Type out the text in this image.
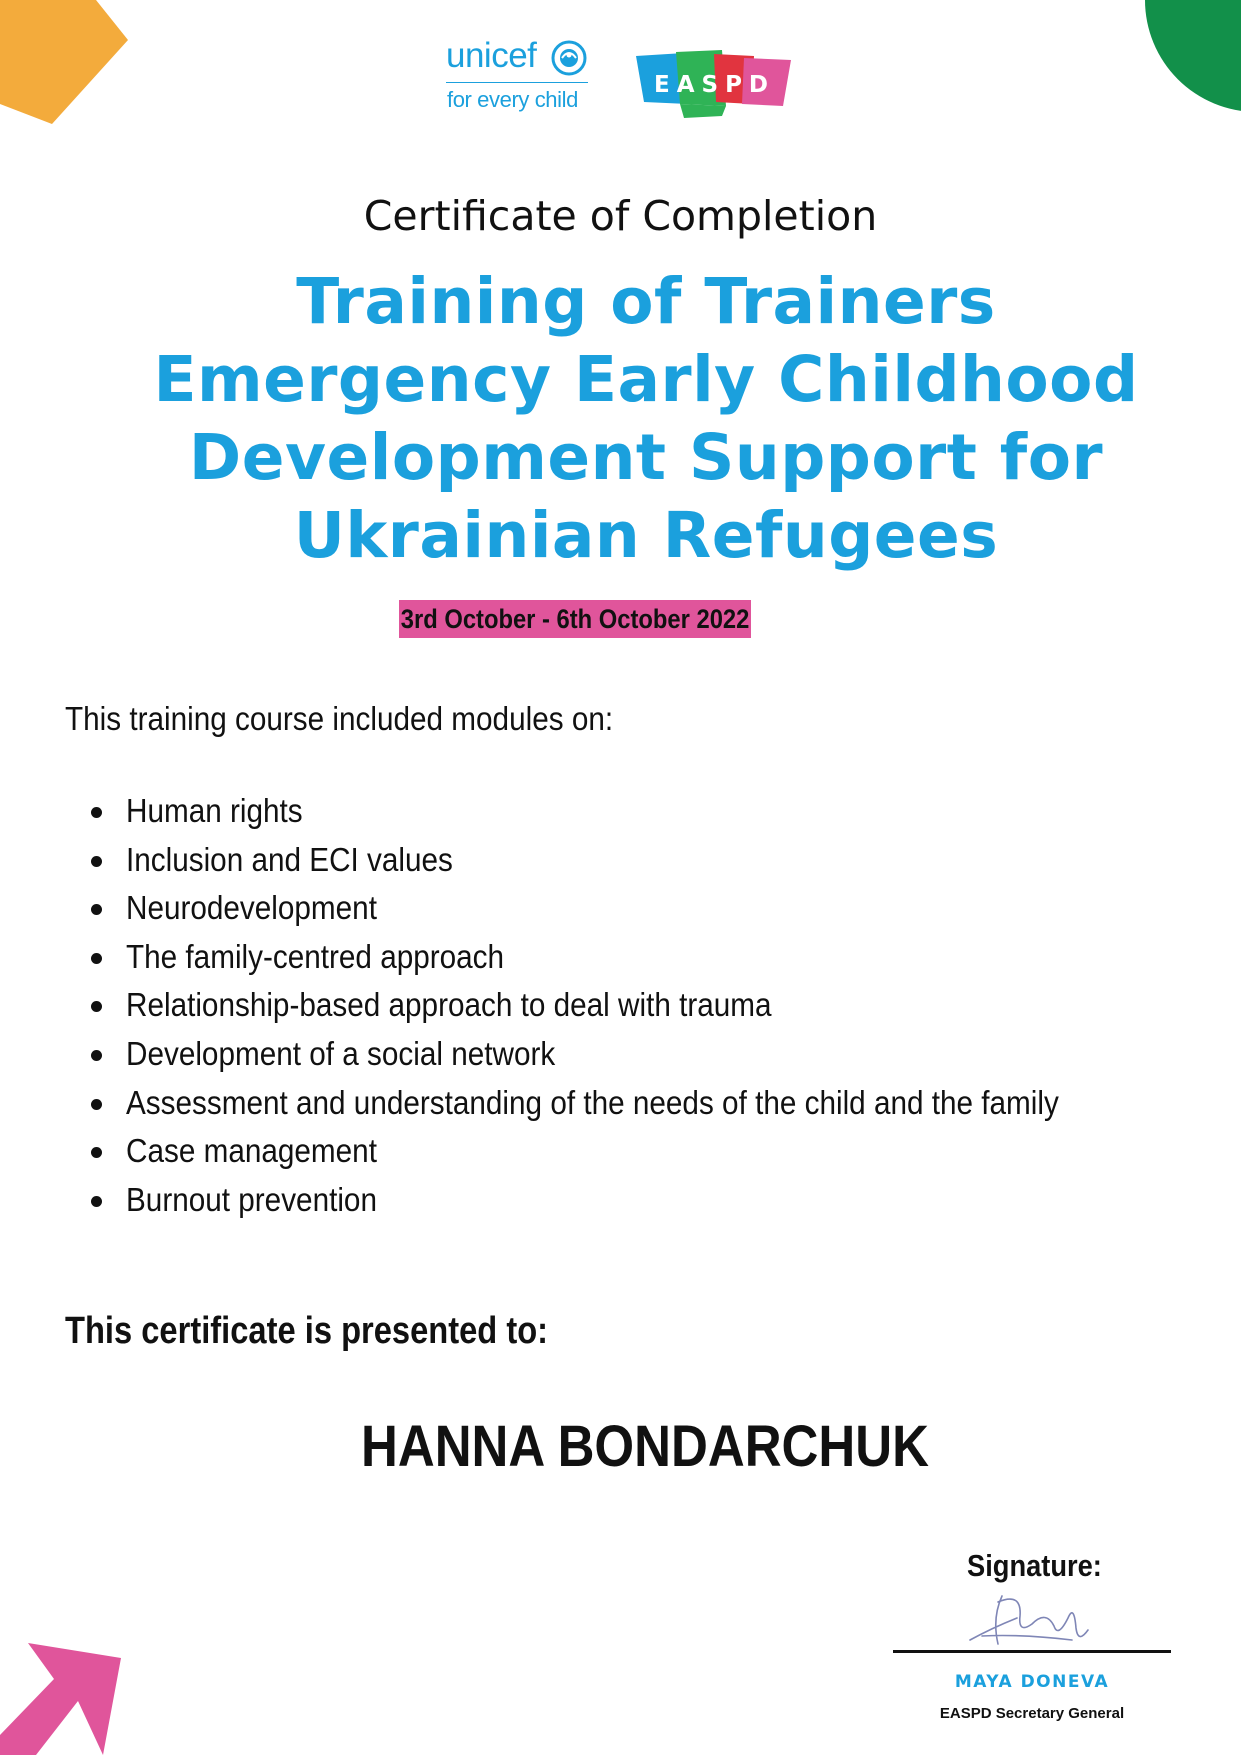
unicef
for every child
EASPD
Certificate of Completion
Training of Trainers
Emergency Early Childhood
Development Support for
Ukrainian Refugees
3rd October - 6th October 2022

This training course included modules on:

Human rights
Inclusion and ECI values
Neurodevelopment
The family-centred approach
Relationship-based approach to deal with trauma
Development of a social network
Assessment and understanding of the needs of the child and the family
Case management
Burnout prevention

This certificate is presented to:

HANNA BONDARCHUK

Signature:
MAYA DONEVA
EASPD Secretary General
